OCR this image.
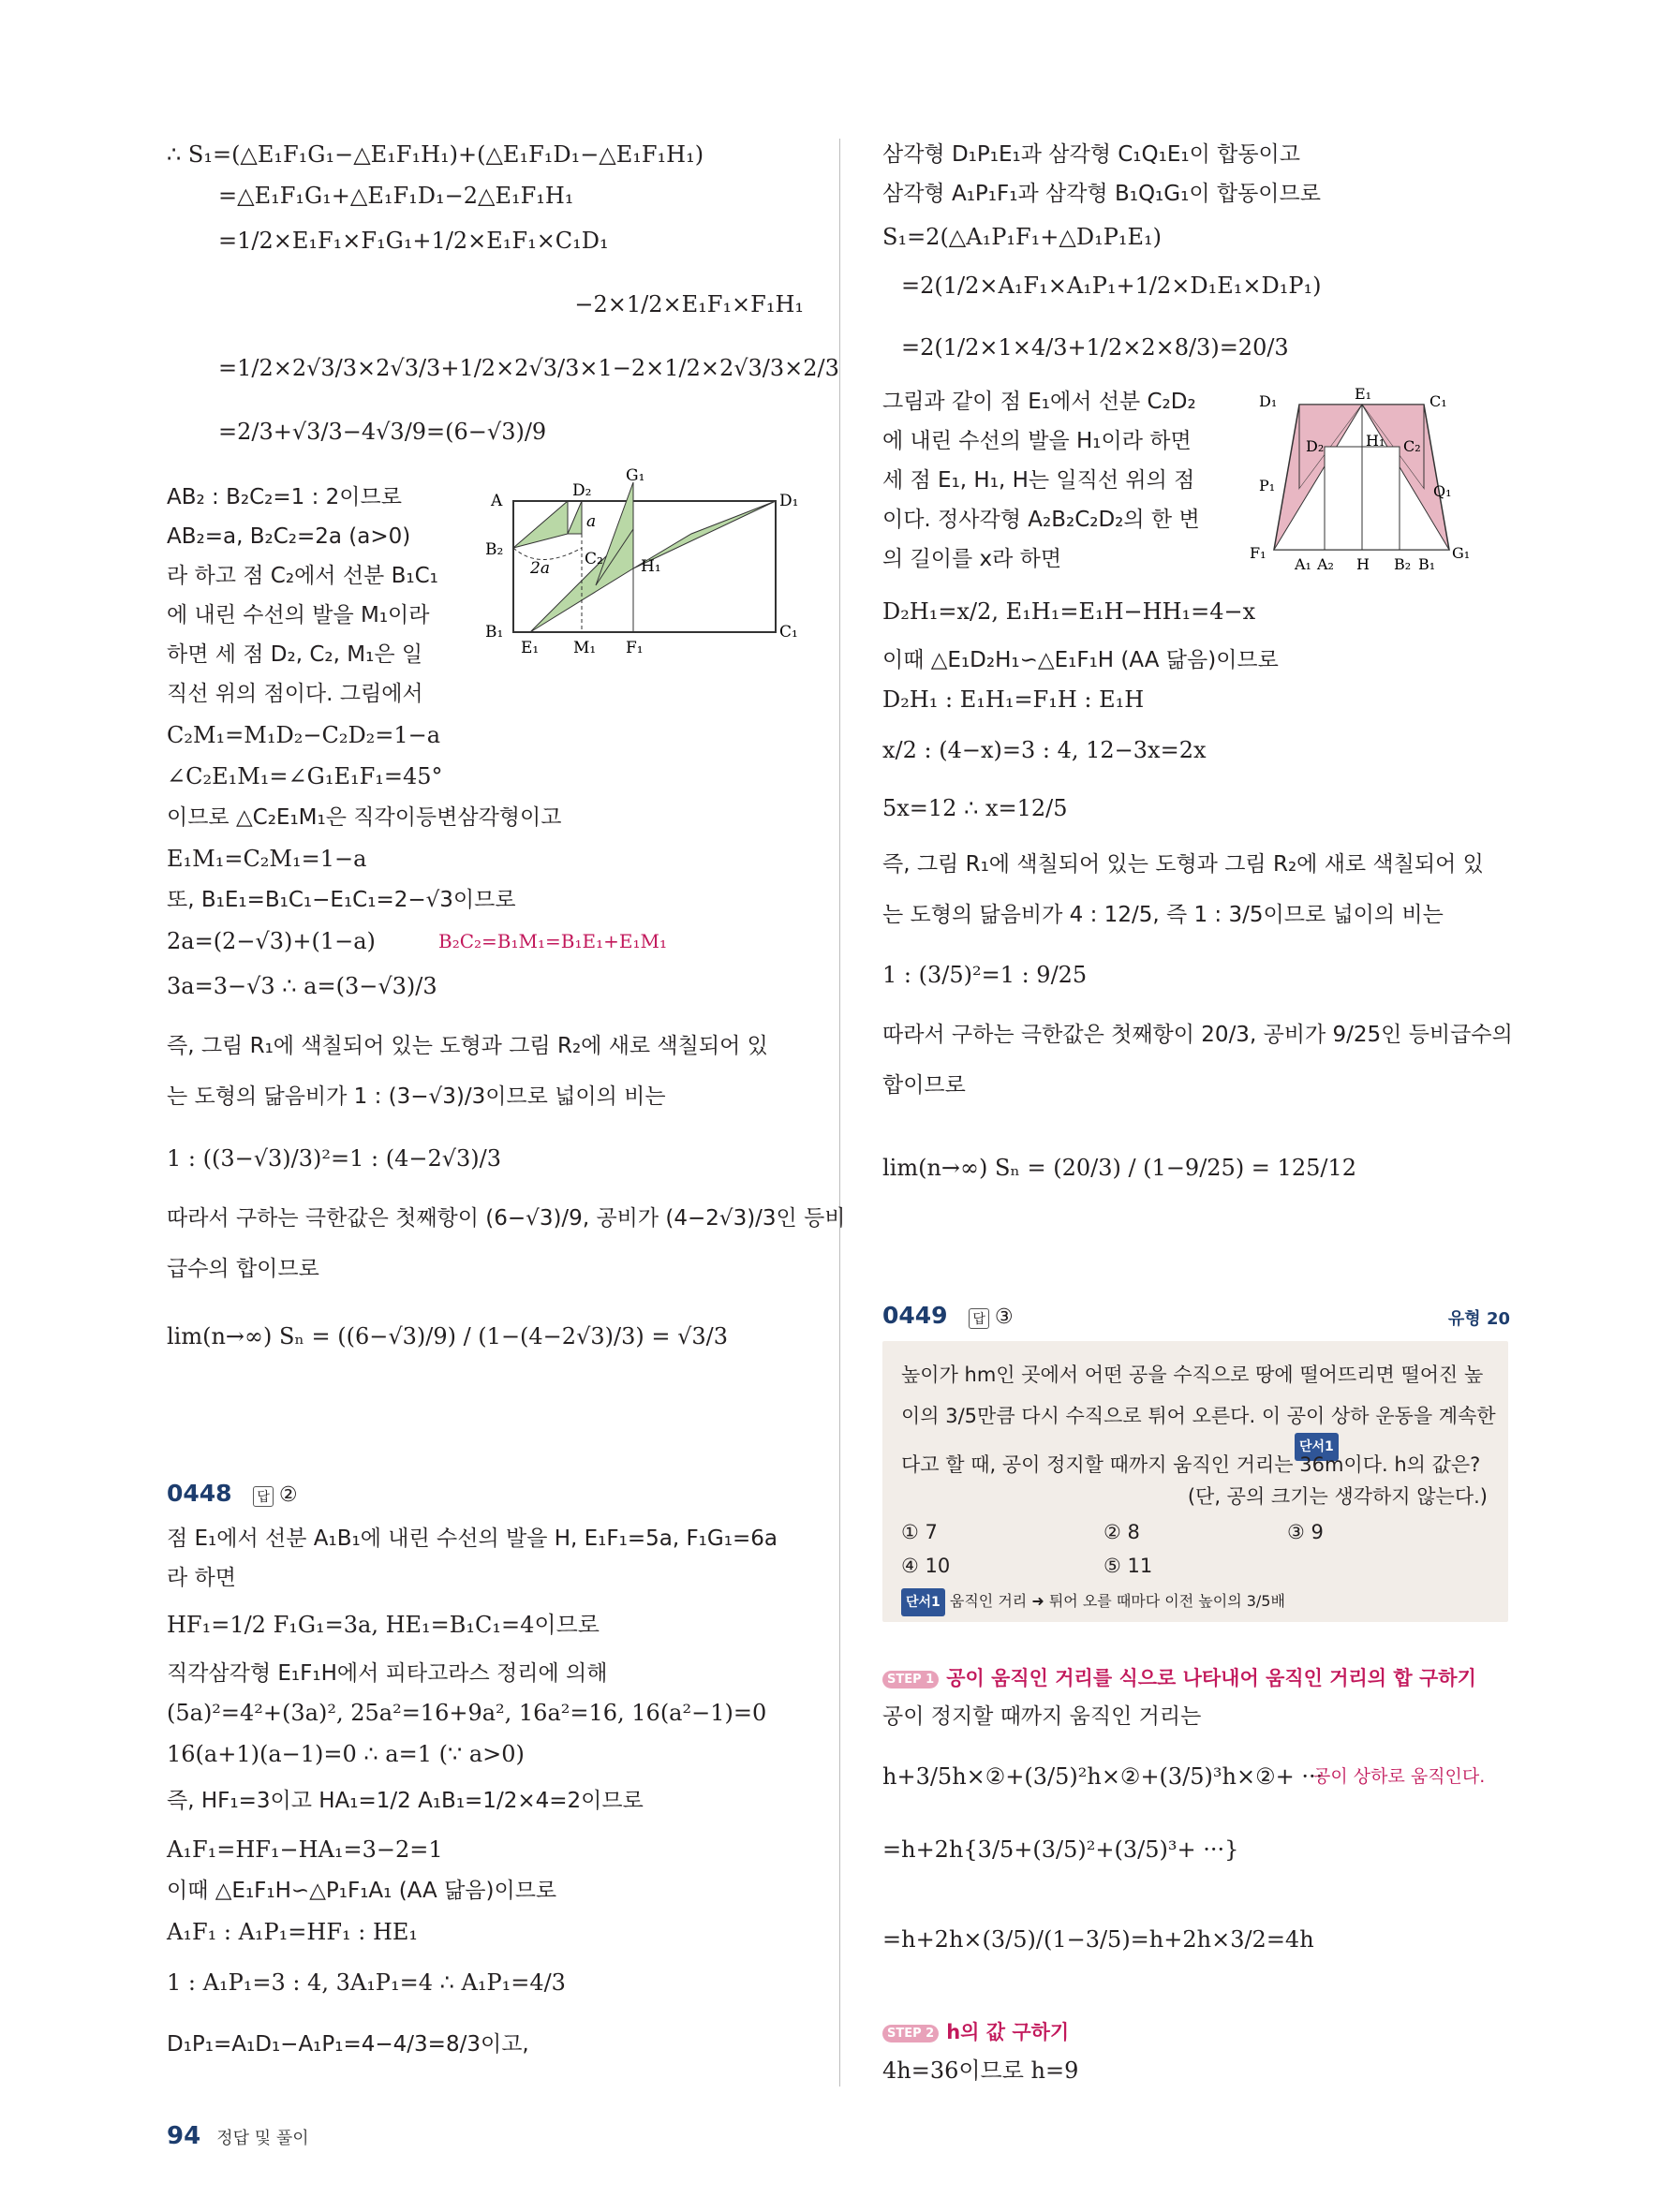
∴ S₁=(△E₁F₁G₁−△E₁F₁H₁)+(△E₁F₁D₁−△E₁F₁H₁)
=△E₁F₁G₁+△E₁F₁D₁−2△E₁F₁H₁
=1/2×E₁F₁×F₁G₁+1/2×E₁F₁×C₁D₁
−2×1/2×E₁F₁×F₁H₁
=1/2×2√3/3×2√3/3+1/2×2√3/3×1−2×1/2×2√3/3×2/3
=2/3+√3/3−4√3/9=(6−√3)/9
AB₂ : B₂C₂=1 : 2이므로
AB₂=a, B₂C₂=2a (a>0)
라 하고 점 C₂에서 선분 B₁C₁
에 내린 수선의 발을 M₁이라
하면 세 점 D₂, C₂, M₁은 일
직선 위의 점이다. 그림에서
A
D₂
G₁
D₁
B₂
2a
a
C₂ H₁
B₁
E₁ M₁ F₁
C₁
C₂M₁=M₁D₂−C₂D₂=1−a
∠C₂E₁M₁=∠G₁E₁F₁=45°
이므로 △C₂E₁M₁은 직각이등변삼각형이고
E₁M₁=C₂M₁=1−a
또, B₁E₁=B₁C₁−E₁C₁=2−√3이므로
2a=(2−√3)+(1−a)	B₂C₂=B₁M₁=B₁E₁+E₁M₁
3a=3−√3 ∴ a=(3−√3)/3
즉, 그림 R₁에 색칠되어 있는 도형과 그림 R₂에 새로 색칠되어 있
는 도형의 닮음비가 1 : (3−√3)/3이므로 넓이의 비는
1 : ((3−√3)/3)²=1 : (4−2√3)/3
따라서 구하는 극한값은 첫째항이 (6−√3)/9, 공비가 (4−2√3)/3인 등비
급수의 합이므로
lim(n→∞) Sₙ = ((6−√3)/9) / (1−(4−2√3)/3) = √3/3
0448 답 ②
점 E₁에서 선분 A₁B₁에 내린 수선의 발을 H, E₁F₁=5a, F₁G₁=6a
라 하면
HF₁=1/2 F₁G₁=3a, HE₁=B₁C₁=4이므로
직각삼각형 E₁F₁H에서 피타고라스 정리에 의해
(5a)²=4²+(3a)², 25a²=16+9a², 16a²=16, 16(a²−1)=0
16(a+1)(a−1)=0 ∴ a=1 (∵ a>0)
즉, HF₁=3이고 HA₁=1/2 A₁B₁=1/2×4=2이므로
A₁F₁=HF₁−HA₁=3−2=1
이때 △E₁F₁H∽△P₁F₁A₁ (AA 닮음)이므로
A₁F₁ : A₁P₁=HF₁ : HE₁
1 : A₁P₁=3 : 4, 3A₁P₁=4 ∴ A₁P₁=4/3
D₁P₁=A₁D₁−A₁P₁=4−4/3=8/3이고,
삼각형 D₁P₁E₁과 삼각형 C₁Q₁E₁이 합동이고
삼각형 A₁P₁F₁과 삼각형 B₁Q₁G₁이 합동이므로
S₁=2(△A₁P₁F₁+△D₁P₁E₁)
=2(1/2×A₁F₁×A₁P₁+1/2×D₁E₁×D₁P₁)
=2(1/2×1×4/3+1/2×2×8/3)=20/3
그림과 같이 점 E₁에서 선분 C₂D₂
에 내린 수선의 발을 H₁이라 하면
세 점 E₁, H₁, H는 일직선 위의 점
이다. 정사각형 A₂B₂C₂D₂의 한 변
의 길이를 x라 하면
D₁	E₁	C₁
D₂	H₁ C₂
P₁	Q₁
F₁
A₁ A₂ H B₂ B₁
G₁
D₂H₁=x/2, E₁H₁=E₁H−HH₁=4−x
이때 △E₁D₂H₁∽△E₁F₁H (AA 닮음)이므로
D₂H₁ : E₁H₁=F₁H : E₁H
x/2 : (4−x)=3 : 4, 12−3x=2x
5x=12 ∴ x=12/5
즉, 그림 R₁에 색칠되어 있는 도형과 그림 R₂에 새로 색칠되어 있
는 도형의 닮음비가 4 : 12/5, 즉 1 : 3/5이므로 넓이의 비는
1 : (3/5)²=1 : 9/25
따라서 구하는 극한값은 첫째항이 20/3, 공비가 9/25인 등비급수의
합이므로
lim(n→∞) Sₙ = (20/3) / (1−9/25) = 125/12
0449 답 ③	유형 20
높이가 hm인 곳에서 어떤 공을 수직으로 땅에 떨어뜨리면 떨어진 높
이의 3/5만큼 다시 수직으로 튀어 오른다. 이 공이 상하 운동을 계속한
단서1
다고 할 때, 공이 정지할 때까지 움직인 거리는 36m이다. h의 값은?
(단, 공의 크기는 생각하지 않는다.)
① 7	② 8	③ 9
④ 10	⑤ 11
단서1 움직인 거리 ➜ 튀어 오를 때마다 이전 높이의 3/5배
STEP 1 공이 움직인 거리를 식으로 나타내어 움직인 거리의 합 구하기
공이 정지할 때까지 움직인 거리는
h+3/5h×②+(3/5)²h×②+(3/5)³h×②+ ···
공이 상하로 움직인다.
=h+2h{3/5+(3/5)²+(3/5)³+ ···}
=h+2h×(3/5)/(1−3/5)=h+2h×3/2=4h
STEP 2 h의 값 구하기
4h=36이므로 h=9
94 정답 및 풀이
